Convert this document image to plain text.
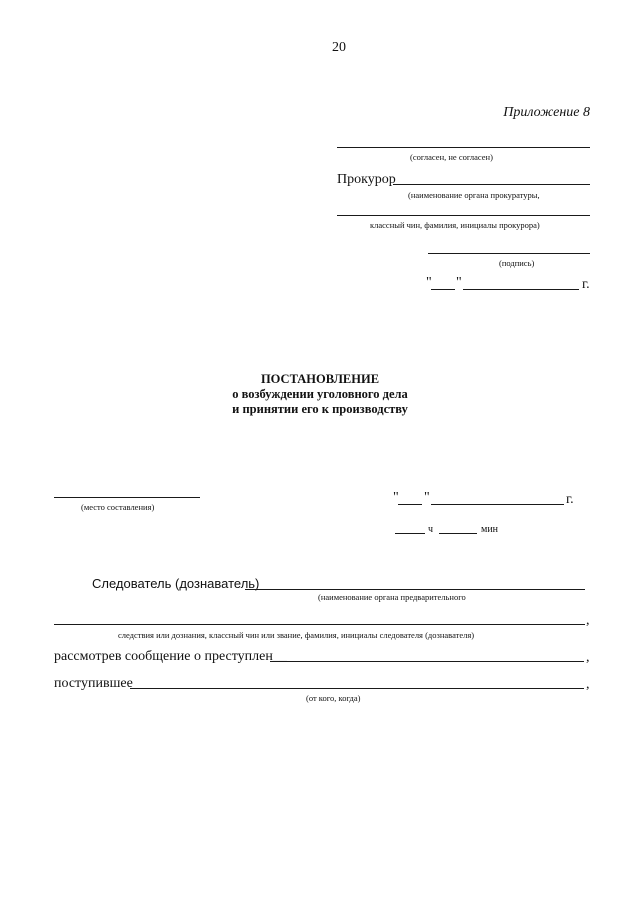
20
Приложение 8
(согласен, не согласен)
Прокурор
(наименование органа прокуратуры,
классный чин, фамилия, инициалы прокурора)
(подпись)
" "	г.
ПОСТАНОВЛЕНИЕ
о возбуждении уголовного дела
и принятии его к производству
(место составления)
" "	г.
ч	мин
Следователь (дознаватель)
(наименование органа предварительного
,
следствия или дознания, классный чин или звание, фамилия, инициалы следователя (дознавателя)
рассмотрев сообщение о преступлен__	,
поступившее	,
(от кого, когда)
